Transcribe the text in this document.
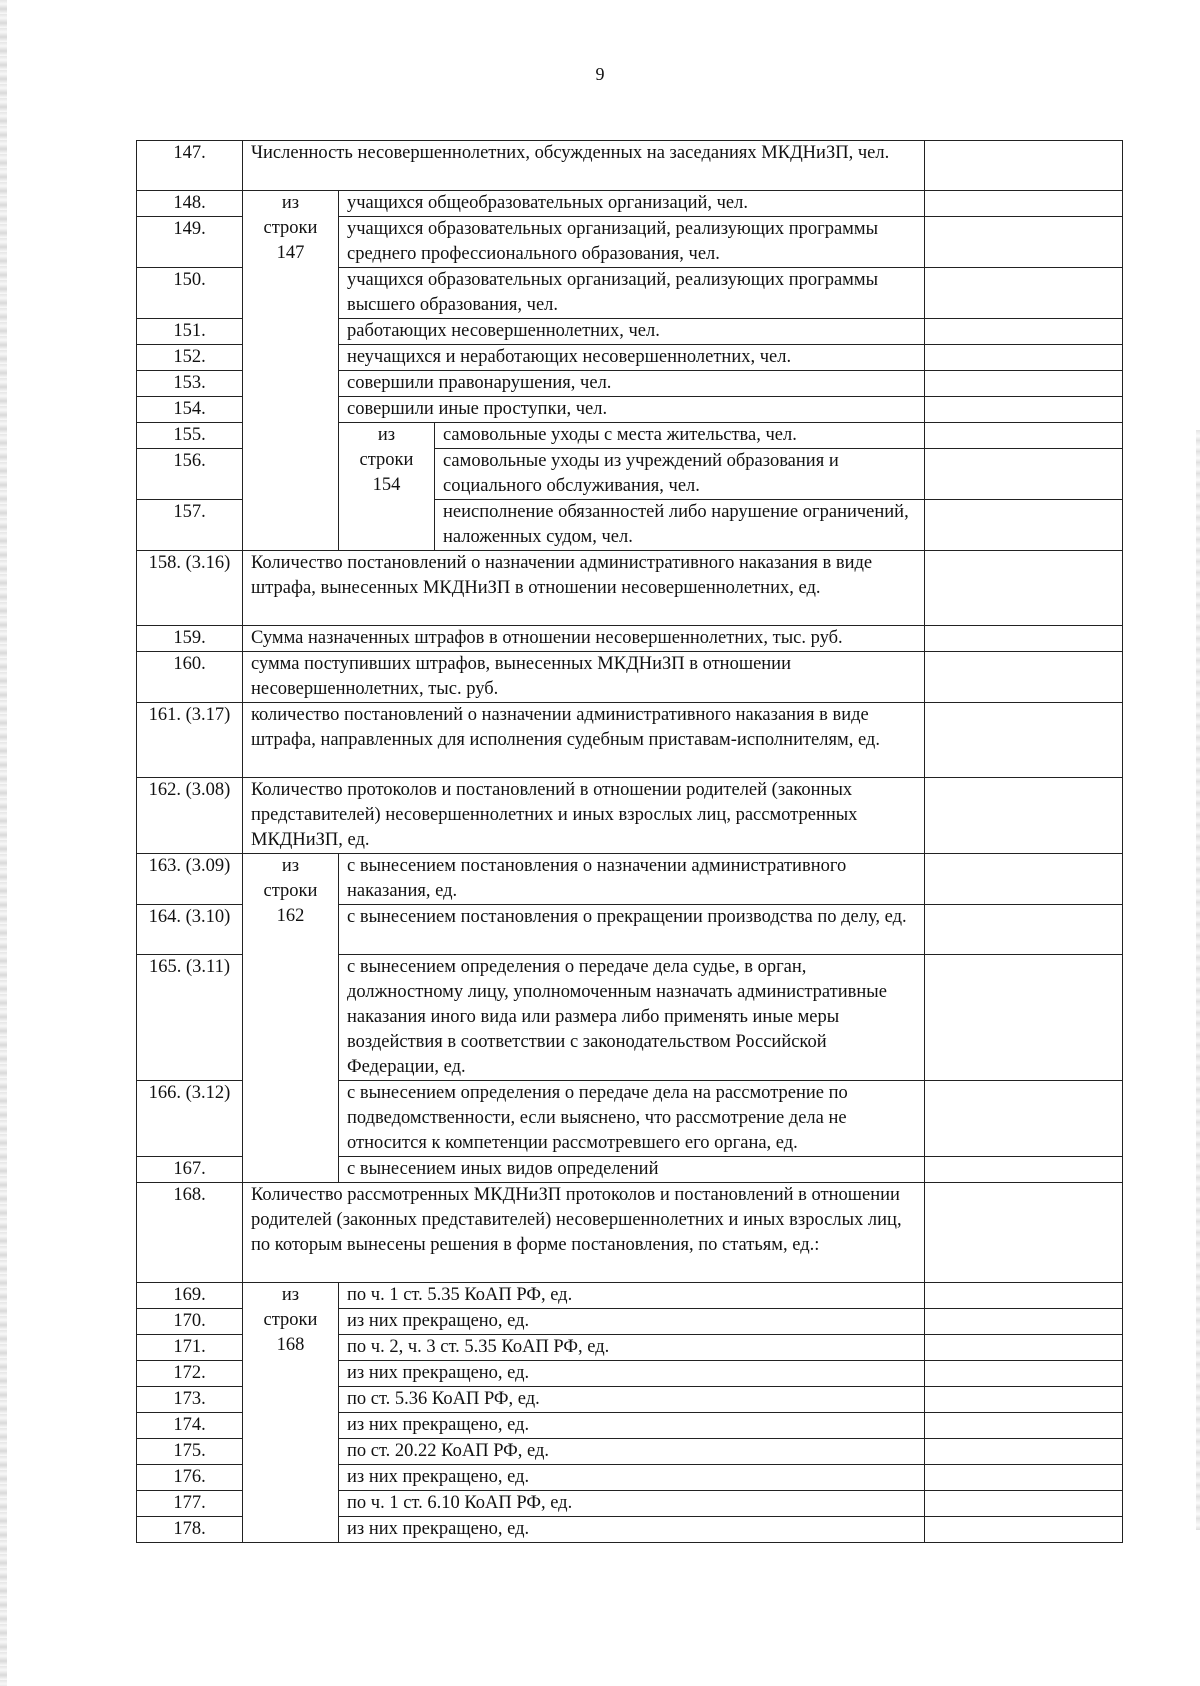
9
147.	Численность несовершеннолетних, обсужденных на заседаниях МКДНиЗП, чел.			
148.	из
строки
147	учащихся общеобразовательных организаций, чел.		
149.		учащихся образовательных организаций, реализующих программы среднего профессионального образования, чел.		
150.		учащихся образовательных организаций, реализующих программы высшего образования, чел.		
151.		работающих несовершеннолетних, чел.		
152.		неучащихся и неработающих несовершеннолетних, чел.		
153.		совершили правонарушения, чел.		
154.		совершили иные проступки, чел.		
155.		из
строки
154	самовольные уходы с места жительства, чел.	
156.			самовольные уходы из учреждений образования и социального обслуживания, чел.	
157.			неисполнение обязанностей либо нарушение ограничений, наложенных судом, чел.	
158. (3.16)	Количество постановлений о назначении административного наказания в виде штрафа, вынесенных МКДНиЗП в отношении несовершеннолетних, ед.			
159.	Сумма назначенных штрафов в отношении несовершеннолетних, тыс. руб.			
160.	сумма поступивших штрафов, вынесенных МКДНиЗП в отношении несовершеннолетних, тыс. руб.			
161. (3.17)	количество постановлений о назначении административного наказания в виде штрафа, направленных для исполнения судебным приставам-исполнителям, ед.			
162. (3.08)	Количество протоколов и постановлений в отношении родителей (законных представителей) несовершеннолетних и иных взрослых лиц, рассмотренных МКДНиЗП, ед.			
163. (3.09)	из
строки
162	с вынесением постановления о назначении административного наказания, ед.		
164. (3.10)		с вынесением постановления о прекращении производства по делу, ед.		
165. (3.11)		с вынесением определения о передаче дела судье, в орган, должностному лицу, уполномоченным назначать административные наказания иного вида или размера либо применять иные меры воздействия в соответствии с законодательством Российской Федерации, ед.		
166. (3.12)		с вынесением определения о передаче дела на рассмотрение по подведомственности, если выяснено, что рассмотрение дела не относится к компетенции рассмотревшего его органа, ед.		
167.		с вынесением иных видов определений		
168.	Количество рассмотренных МКДНиЗП протоколов и постановлений в отношении родителей (законных представителей) несовершеннолетних и иных взрослых лиц, по которым вынесены решения в форме постановления, по статьям, ед.:			
169.	из
строки
168	по ч. 1 ст. 5.35 КоАП РФ, ед.		
170.		из них прекращено, ед.		
171.		по ч. 2, ч. 3 ст. 5.35 КоАП РФ, ед.		
172.		из них прекращено, ед.		
173.		по ст. 5.36 КоАП РФ, ед.		
174.		из них прекращено, ед.		
175.		по ст. 20.22 КоАП РФ, ед.		
176.		из них прекращено, ед.		
177.		по ч. 1 ст. 6.10 КоАП РФ, ед.		
178.		из них прекращено, ед.		
